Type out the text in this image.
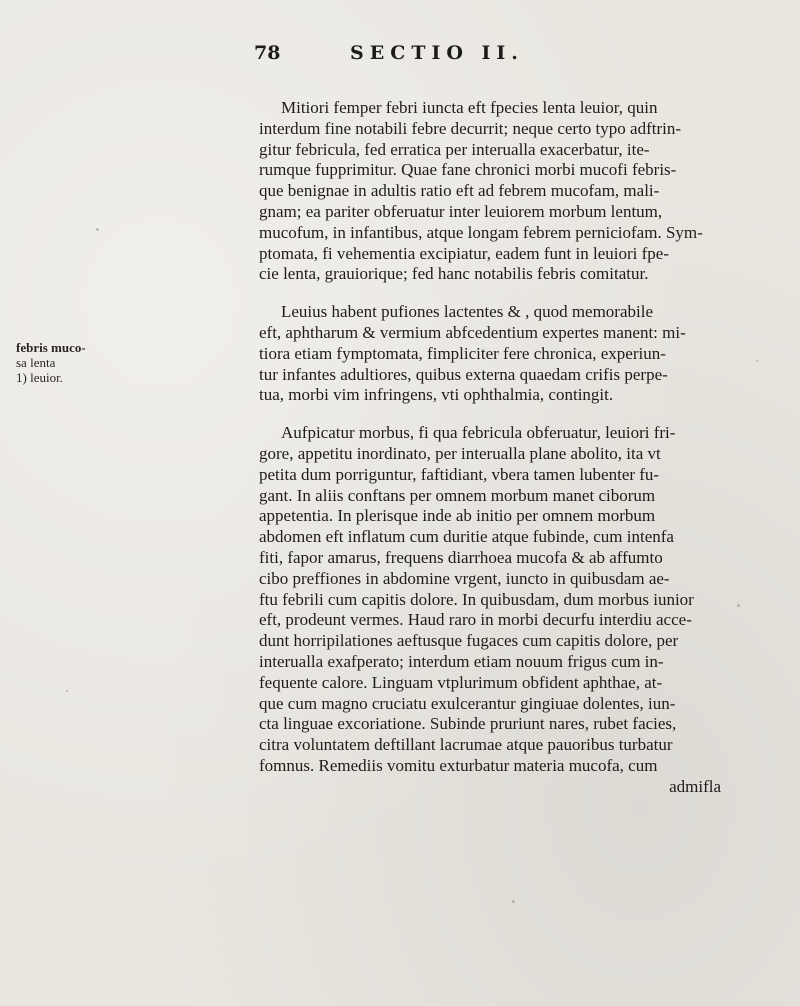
78	SECTIO II.
febris muco-
sa lenta
1) leuior.
Mitiori femper febri iuncta eft fpecies lenta leuior, quin
interdum fine notabili febre decurrit; neque certo typo adftrin-
gitur febricula, fed erratica per interualla exacerbatur, ite-
rumque fupprimitur. Quae fane chronici morbi mucofi febris-
que benignae in adultis ratio eft ad febrem mucofam, mali-
gnam; ea pariter obferuatur inter leuiorem morbum lentum,
mucofum, in infantibus, atque longam febrem perniciofam. Sym-
ptomata, fi vehementia excipiatur, eadem funt in leuiori fpe-
cie lenta, grauiorique; fed hanc notabilis febris comitatur.
Leuius habent pufiones lactentes & , quod memorabile
eft, aphtharum & vermium abfcedentium expertes manent: mi-
tiora etiam fymptomata, fimpliciter fere chronica, experiun-
tur infantes adultiores, quibus externa quaedam crifis perpe-
tua, morbi vim infringens, vti ophthalmia, contingit.
Aufpicatur morbus, fi qua febricula obferuatur, leuiori fri-
gore, appetitu inordinato, per interualla plane abolito, ita vt
petita dum porriguntur, faftidiant, vbera tamen lubenter fu-
gant. In aliis conftans per omnem morbum manet ciborum
appetentia. In plerisque inde ab initio per omnem morbum
abdomen eft inflatum cum duritie atque fubinde, cum intenfa
fiti, fapor amarus, frequens diarrhoea mucofa & ab affumto
cibo preffiones in abdomine vrgent, iuncto in quibusdam ae-
ftu febrili cum capitis dolore. In quibusdam, dum morbus iunior
eft, prodeunt vermes. Haud raro in morbi decurfu interdiu acce-
dunt horripilationes aeftusque fugaces cum capitis dolore, per
interualla exafperato; interdum etiam nouum frigus cum in-
fequente calore. Linguam vtplurimum obfident aphthae, at-
que cum magno cruciatu exulcerantur gingiuae dolentes, iun-
cta linguae excoriatione. Subinde pruriunt nares, rubet facies,
citra voluntatem deftillant lacrumae atque pauoribus turbatur
fomnus. Remediis vomitu exturbatur materia mucofa, cum
admifla
